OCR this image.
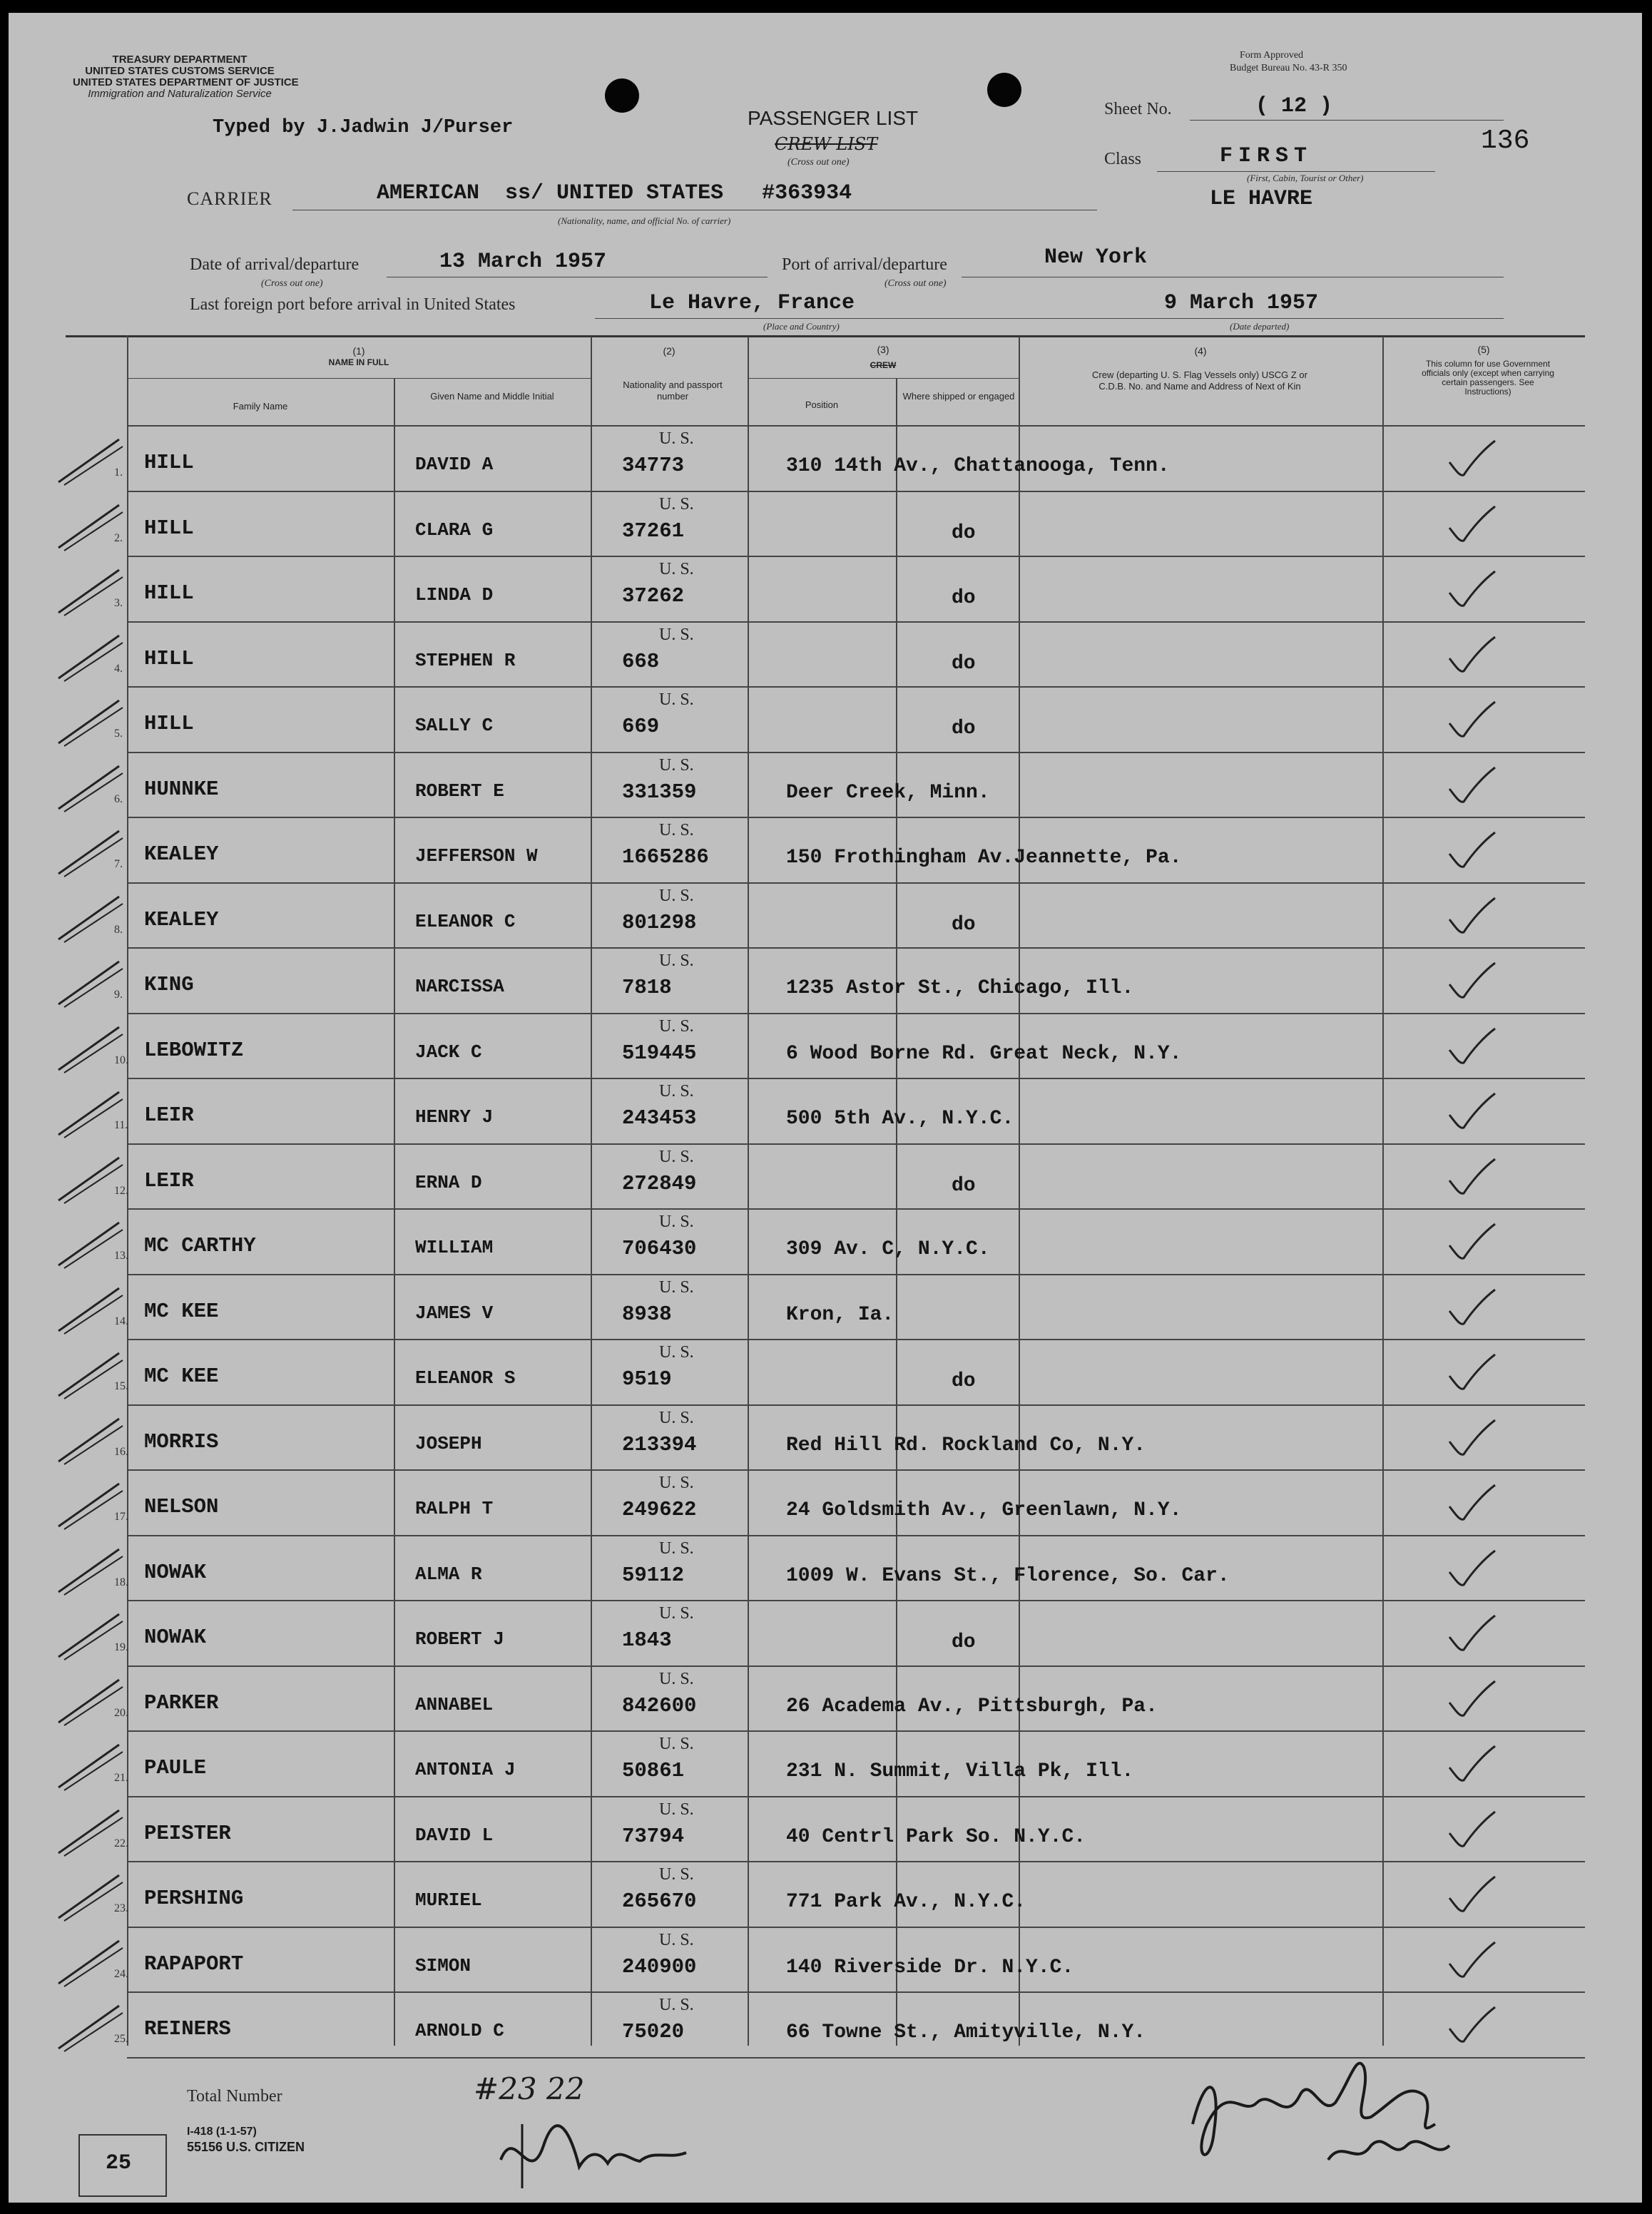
TREASURY DEPARTMENT
UNITED STATES CUSTOMS SERVICE
UNITED STATES DEPARTMENT OF JUSTICE
Immigration and Naturalization Service
Form Approved
Budget Bureau No. 43-R 350
Typed by J.Jadwin J/Purser	PASSENGER LIST
CREW LIST
(Cross out one)
Sheet No.	( 12 )
136
Class	FIRST
(First, Cabin, Tourist or Other)
CARRIER	AMERICAN  ss/ UNITED STATES   #363934
(Nationality, name, and official No. of carrier)
LE HAVRE
Date of arrival/departure	13 March 1957
(Cross out one)
Port of arrival/departure	New York
(Cross out one)
Last foreign port before arrival in United States	Le Havre, France
(Place and Country)
9 March 1957
(Date departed)
(1)
NAME IN FULL
Family Name
Given Name and Middle Initial
(2)
Nationality and passport number
(3)
CREW
Position
Where shipped or engaged
(4)
Crew (departing U. S. Flag Vessels only) USCG Z or C.D.B. No. and Name and Address of Next of Kin
(5)
This column for use Government officials only (except when carrying certain passengers. See Instructions)
1. HILL	DAVID A
U. S.
34773	310 14th Av., Chattanooga, Tenn.
2. HILL	CLARA G
U. S.
37261	do
3. HILL	LINDA D
U. S.
37262	do
4. HILL	STEPHEN R
U. S.
668	do
5. HILL	SALLY C
U. S.
669	do
6. HUNNKE	ROBERT E
U. S.
331359	Deer Creek, Minn.
7. KEALEY	JEFFERSON W
U. S.
1665286	150 Frothingham Av.Jeannette, Pa.
8. KEALEY	ELEANOR C
U. S.
801298	do
9. KING	NARCISSA
U. S.
7818	1235 Astor St., Chicago, Ill.
10. LEBOWITZ	JACK C
U. S.
519445	6 Wood Borne Rd. Great Neck, N.Y.
11. LEIR	HENRY J
U. S.
243453	500 5th Av., N.Y.C.
12. LEIR	ERNA D
U. S.
272849	do
13. MC CARTHY	WILLIAM
U. S.
706430	309 Av. C, N.Y.C.
14. MC KEE	JAMES V
U. S.
8938	Kron, Ia.
15. MC KEE	ELEANOR S
U. S.
9519	do
16. MORRIS	JOSEPH
U. S.
213394	Red Hill Rd. Rockland Co, N.Y.
17. NELSON	RALPH T
U. S.
249622	24 Goldsmith Av., Greenlawn, N.Y.
18. NOWAK	ALMA R
U. S.
59112	1009 W. Evans St., Florence, So. Car.
19. NOWAK	ROBERT J
U. S.
1843	do
20. PARKER	ANNABEL
U. S.
842600	26 Academa Av., Pittsburgh, Pa.
21. PAULE	ANTONIA J
U. S.
50861	231 N. Summit, Villa Pk, Ill.
22. PEISTER	DAVID L
U. S.
73794	40 Centrl Park So. N.Y.C.
23. PERSHING	MURIEL
U. S.
265670	771 Park Av., N.Y.C.
24. RAPAPORT	SIMON
U. S.
240900	140 Riverside Dr. N.Y.C.
25. REINERS	ARNOLD C
U. S.
75020	66 Towne St., Amityville, N.Y.
25
Total Number
I-418 (1-1-57)
55156 U.S. CITIZEN
#23 22
